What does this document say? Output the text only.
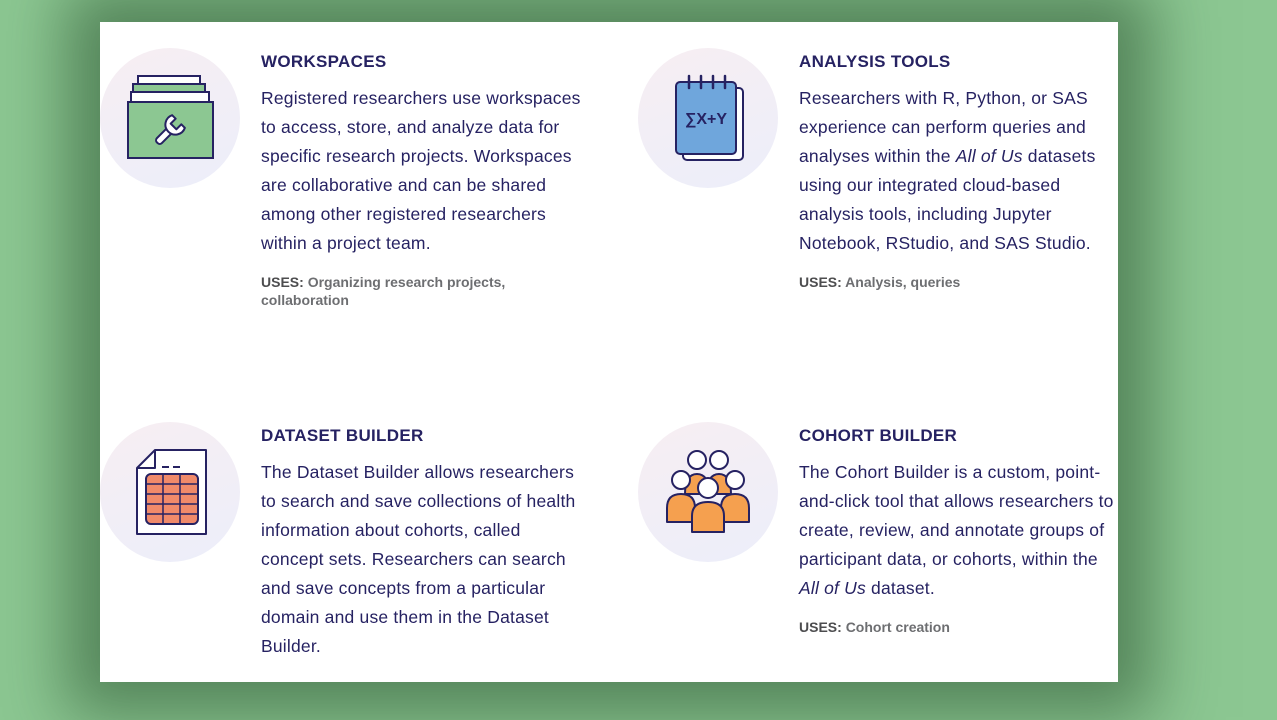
WORKSPACES

Registered researchers use workspaces to access, store, and analyze data for specific research projects. Workspaces are collaborative and can be shared among other registered researchers within a project team.

USES: Organizing research projects, collaboration

∑X+Y
ANALYSIS TOOLS

Researchers with R, Python, or SAS experience can perform queries and analyses within the All of Us datasets using our integrated cloud-based analysis tools, including Jupyter Notebook, RStudio, and SAS Studio.

USES: Analysis, queries

DATASET BUILDER

The Dataset Builder allows researchers to search and save collections of health information about cohorts, called concept sets. Researchers can search and save concepts from a particular domain and use them in the Dataset Builder.

COHORT BUILDER

The Cohort Builder is a custom, point-and-click tool that allows researchers to create, review, and annotate groups of participant data, or cohorts, within the All of Us dataset.

USES: Cohort creation
